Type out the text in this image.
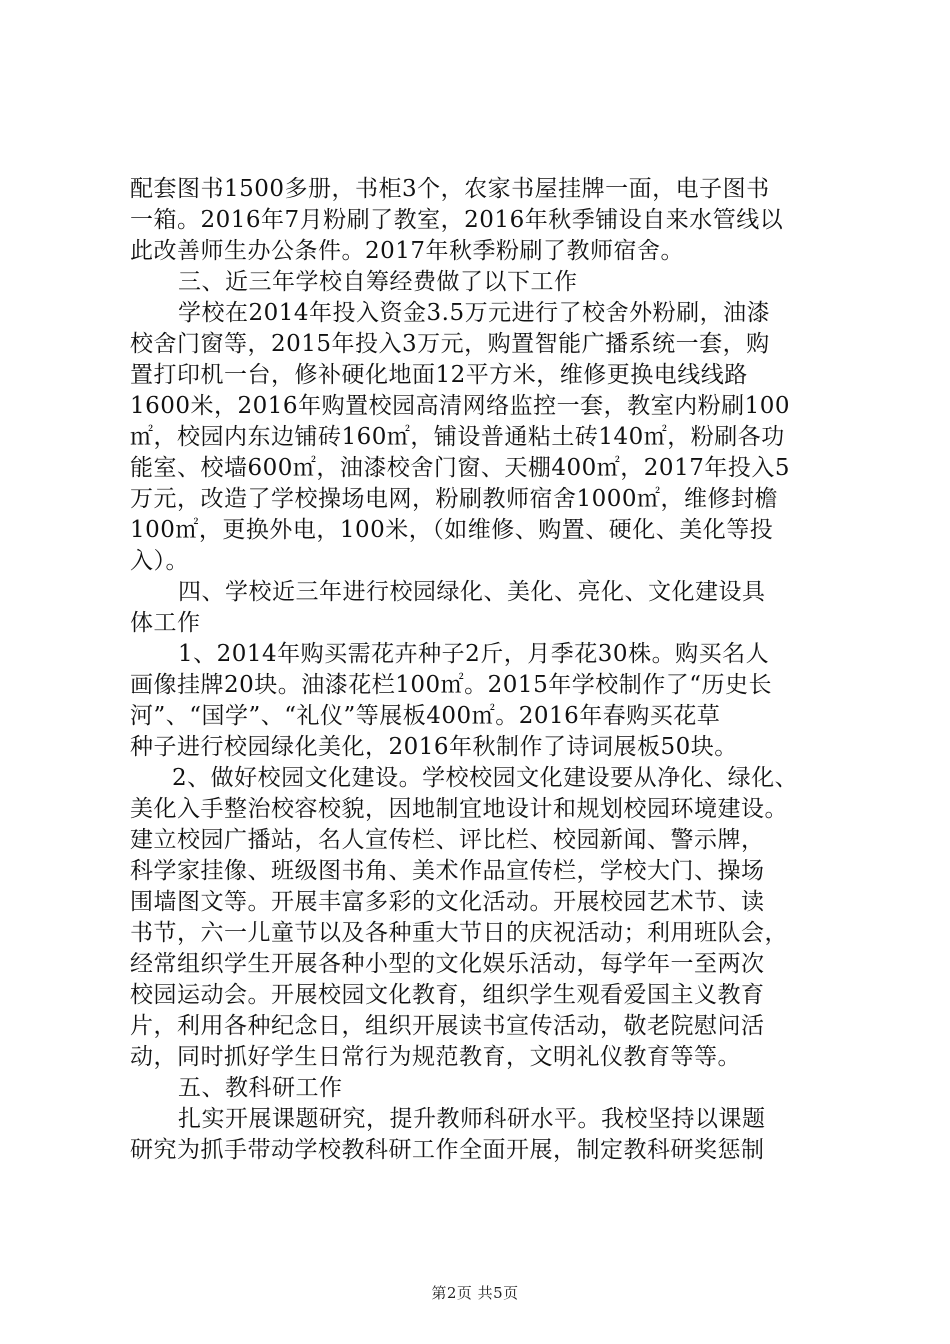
配套图书1500多册，书柜3个，农家书屋挂牌一面，电子图书
一箱。2016年7月粉刷了教室，2016年秋季铺设自来水管线以
此改善师生办公条件。2017年秋季粉刷了教师宿舍。
三、近三年学校自筹经费做了以下工作
学校在2014年投入资金3.5万元进行了校舍外粉刷，油漆
校舍门窗等，2015年投入3万元，购置智能广播系统一套，购
置打印机一台，修补硬化地面12平方米，维修更换电线线路
1600米，2016年购置校园高清网络监控一套，教室内粉刷100
㎡，校园内东边铺砖160㎡，铺设普通粘土砖140㎡，粉刷各功
能室、校墙600㎡，油漆校舍门窗、天棚400㎡，2017年投入5
万元，改造了学校操场电网，粉刷教师宿舍1000㎡，维修封檐
100㎡，更换外电，100米，（如维修、购置、硬化、美化等投
入）。
四、学校近三年进行校园绿化、美化、亮化、文化建设具
体工作
1、2014年购买需花卉种子2斤，月季花30株。购买名人
画像挂牌20块。油漆花栏100㎡。2015年学校制作了“历史长
河”、“国学”、“礼仪”等展板400㎡。2016年春购买花草
种子进行校园绿化美化，2016年秋制作了诗词展板50块。
2、做好校园文化建设。学校校园文化建设要从净化、绿化、
美化入手整治校容校貌，因地制宜地设计和规划校园环境建设。
建立校园广播站，名人宣传栏、评比栏、校园新闻、警示牌，
科学家挂像、班级图书角、美术作品宣传栏，学校大门、操场
围墙图文等。开展丰富多彩的文化活动。开展校园艺术节、读
书节，六一儿童节以及各种重大节日的庆祝活动；利用班队会，
经常组织学生开展各种小型的文化娱乐活动，每学年一至两次
校园运动会。开展校园文化教育，组织学生观看爱国主义教育
片，利用各种纪念日，组织开展读书宣传活动，敬老院慰问活
动，同时抓好学生日常行为规范教育，文明礼仪教育等等。
五、教科研工作
扎实开展课题研究，提升教师科研水平。我校坚持以课题
研究为抓手带动学校教科研工作全面开展，制定教科研奖惩制
第2页 共5页
